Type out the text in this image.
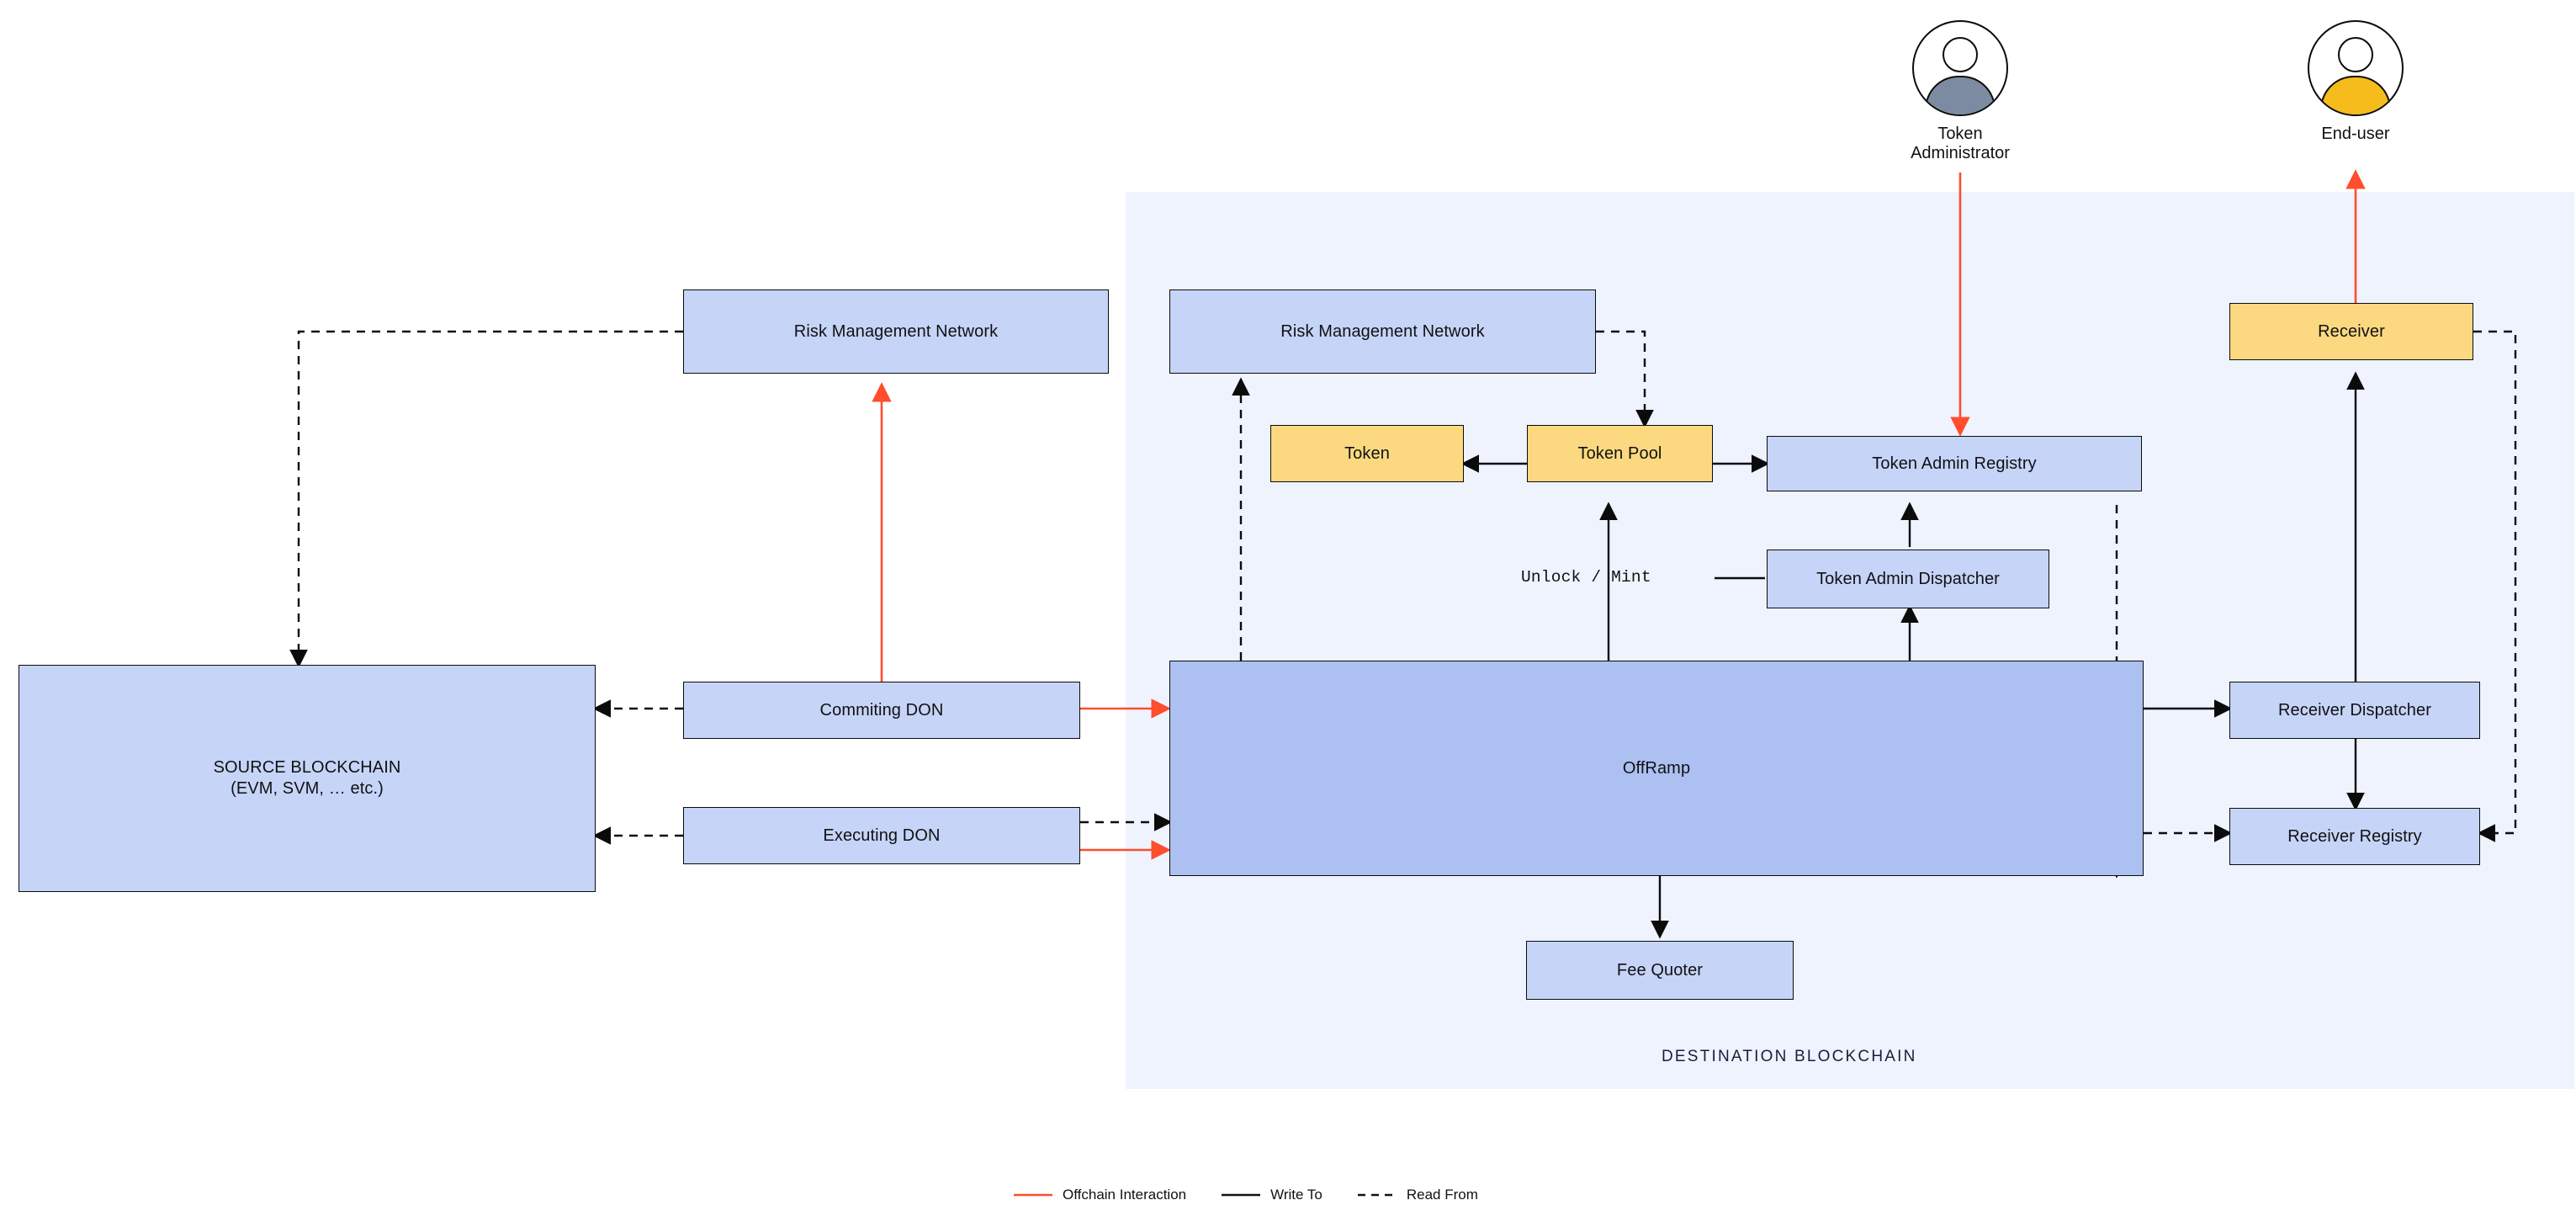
Token Administrator
End-user
SOURCE BLOCKCHAIN
(EVM, SVM, … etc.)
Risk Management Network	Risk Management Network
Commiting DON
Executing DON
Token	Token Pool
Token Admin Registry
Token Admin Dispatcher
OffRamp
Fee Quoter
Receiver
Receiver Dispatcher
Receiver Registry
Unlock / Mint
DESTINATION BLOCKCHAIN
Offchain Interaction	Write To	Read From
